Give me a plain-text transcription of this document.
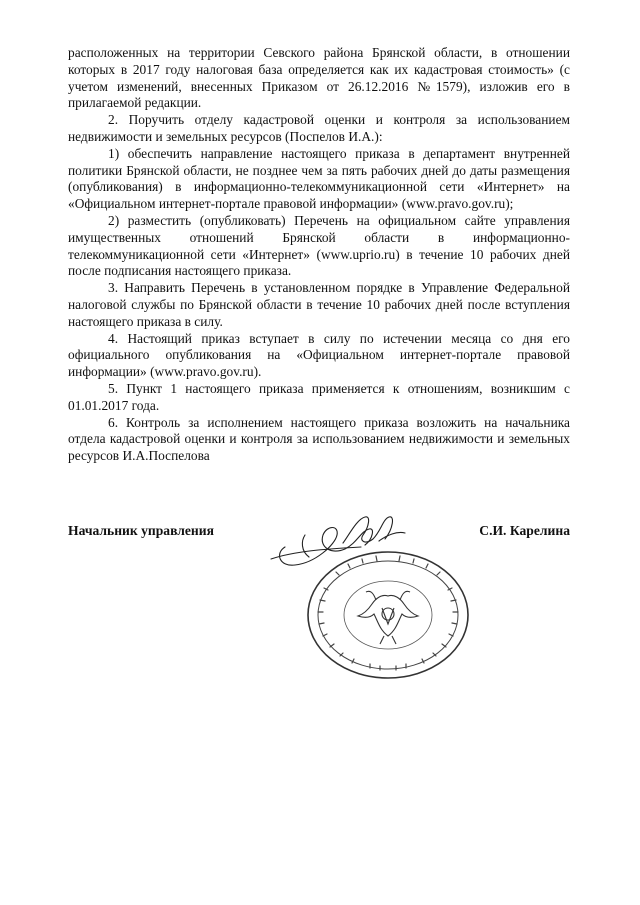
расположенных на территории Севского района Брянской области, в отношении которых в 2017 году налоговая база определяется как их кадастровая стоимость» (с учетом изменений, внесенных Приказом от 26.12.2016 №1579), изложив его в прилагаемой редакции.

2. Поручить отделу кадастровой оценки и контроля за использованием недвижимости и земельных ресурсов (Поспелов И.А.):

1) обеспечить направление настоящего приказа в департамент внутренней политики Брянской области, не позднее чем за пять рабочих дней до даты размещения (опубликования) в информационно-телекоммуникационной сети «Интернет» на «Официальном интернет-портале правовой информации» (www.pravo.gov.ru);

2) разместить (опубликовать) Перечень на официальном сайте управления имущественных отношений Брянской области в информационно-телекоммуникационной сети «Интернет» (www.uprio.ru) в течение 10 рабочих дней после подписания настоящего приказа.

3. Направить Перечень в установленном порядке в Управление Федеральной налоговой службы по Брянской области в течение 10 рабочих дней после вступления настоящего приказа в силу.

4. Настоящий приказ вступает в силу по истечении месяца со дня его официального опубликования на «Официальном интернет-портале правовой информации» (www.pravo.gov.ru).

5. Пункт 1 настоящего приказа применяется к отношениям, возникшим с 01.01.2017 года.

6. Контроль за исполнением настоящего приказа возложить на начальника отдела кадастровой оценки и контроля за использованием недвижимости и земельных ресурсов И.А.Поспелова

Начальник управления	С.И. Карелина
